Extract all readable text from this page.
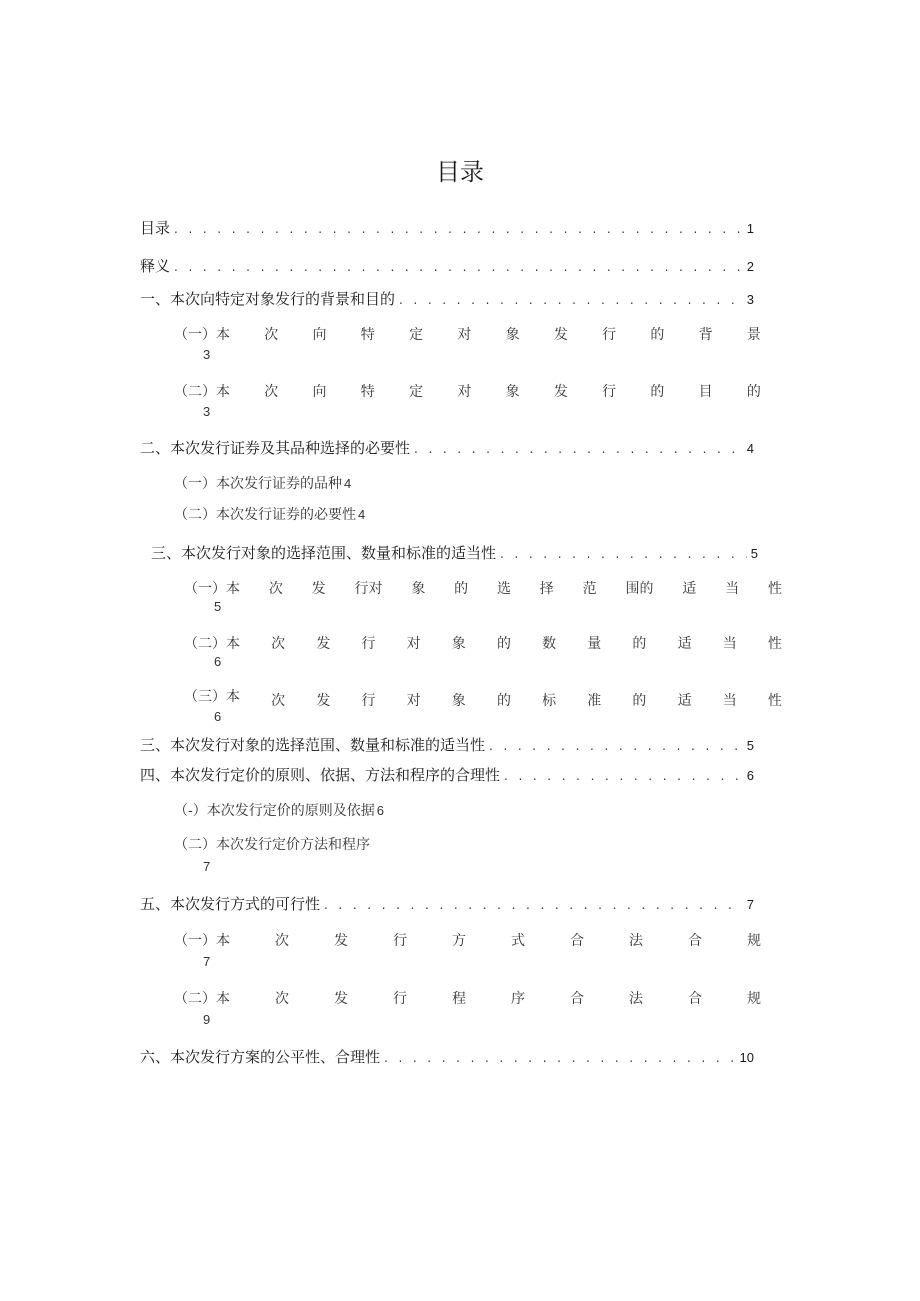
目录
目录 . . .	1
释义 . . .	2
一、本次向特定对象发行的背景和目的 . . .	3
（一）本 次 向 特 定 对 象 发 行 的 背 景
3
（二）本 次 向 特 定 对 象 发 行 的 目 的
3
二、本次发行证券及其品种选择的必要性 . . .	4
（一）本次发行证券的品种 4
（二）本次发行证券的必要性 4
三、本次发行对象的选择范围、数量和标准的适当性 . . .	5
（一）本 次 发 行对 象 的 选 择 范 围的 适 当 性
5
（二）本 次 发 行 对 象 的 数 量 的 适 当 性
6
（三）本 次 发 行 对 象 的 标 准 的 适 当 性
6
三、本次发行对象的选择范围、数量和标准的适当性 . . .	5
四、本次发行定价的原则、依据、方法和程序的合理性 . . .	6
（-）本次发行定价的原则及依据 6
（二）本次发行定价方法和程序
7
五、本次发行方式的可行性 . . .	7
（一）本	次	发	行	方	式	合	法	合	规
7
（二）本	次	发	行	程	序	合	法	合	规
9
六、本次发行方案的公平性、合理性 . . .	10
